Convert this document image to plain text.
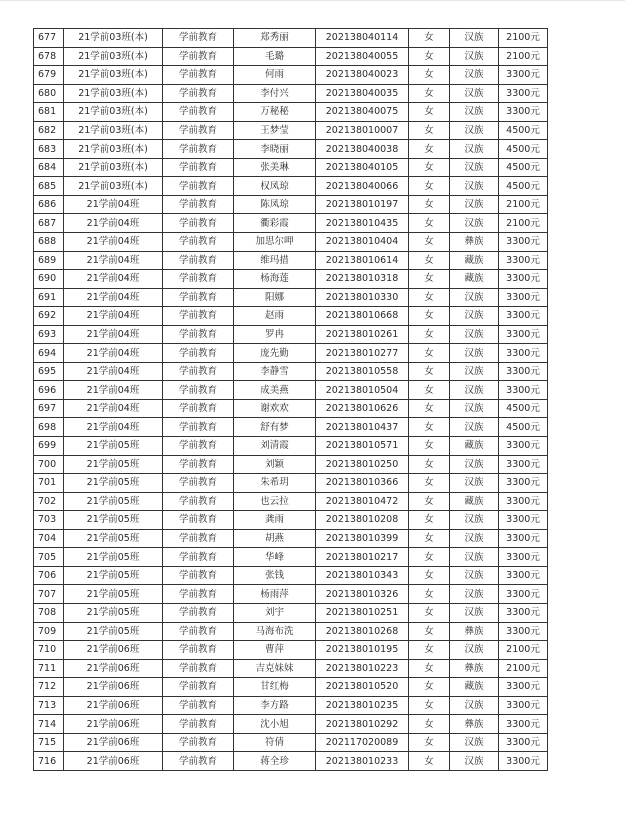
677	21学前03班(本)	学前教育	郑秀丽	202138040114	女	汉族	2100元
678	21学前03班(本)	学前教育	毛璐	202138040055	女	汉族	2100元
679	21学前03班(本)	学前教育	何雨	202138040023	女	汉族	3300元
680	21学前03班(本)	学前教育	李付兴	202138040035	女	汉族	3300元
681	21学前03班(本)	学前教育	万秘秘	202138040075	女	汉族	3300元
682	21学前03班(本)	学前教育	王梦莹	202138010007	女	汉族	4500元
683	21学前03班(本)	学前教育	李晓丽	202138040038	女	汉族	4500元
684	21学前03班(本)	学前教育	张美琳	202138040105	女	汉族	4500元
685	21学前03班(本)	学前教育	权凤琼	202138040066	女	汉族	4500元
686	21学前04班	学前教育	陈凤琼	202138010197	女	汉族	2100元
687	21学前04班	学前教育	衢彩霞	202138010435	女	汉族	2100元
688	21学前04班	学前教育	加思尔呷	202138010404	女	彝族	3300元
689	21学前04班	学前教育	维玛措	202138010614	女	藏族	3300元
690	21学前04班	学前教育	杨海莲	202138010318	女	藏族	3300元
691	21学前04班	学前教育	阳娜	202138010330	女	汉族	3300元
692	21学前04班	学前教育	赵雨	202138010668	女	汉族	3300元
693	21学前04班	学前教育	罗冉	202138010261	女	汉族	3300元
694	21学前04班	学前教育	庞先勤	202138010277	女	汉族	3300元
695	21学前04班	学前教育	李静雪	202138010558	女	汉族	3300元
696	21学前04班	学前教育	成美燕	202138010504	女	汉族	3300元
697	21学前04班	学前教育	谢欢欢	202138010626	女	汉族	4500元
698	21学前04班	学前教育	舒有梦	202138010437	女	汉族	4500元
699	21学前05班	学前教育	刘清霞	202138010571	女	藏族	3300元
700	21学前05班	学前教育	刘颖	202138010250	女	汉族	3300元
701	21学前05班	学前教育	朱希玥	202138010366	女	汉族	3300元
702	21学前05班	学前教育	也云拉	202138010472	女	藏族	3300元
703	21学前05班	学前教育	龚雨	202138010208	女	汉族	3300元
704	21学前05班	学前教育	胡燕	202138010399	女	汉族	3300元
705	21学前05班	学前教育	华峰	202138010217	女	汉族	3300元
706	21学前05班	学前教育	张钱	202138010343	女	汉族	3300元
707	21学前05班	学前教育	杨雨萍	202138010326	女	汉族	3300元
708	21学前05班	学前教育	刘宇	202138010251	女	汉族	3300元
709	21学前05班	学前教育	马海布洗	202138010268	女	彝族	3300元
710	21学前06班	学前教育	曹萍	202138010195	女	汉族	2100元
711	21学前06班	学前教育	吉克妹妹	202138010223	女	彝族	2100元
712	21学前06班	学前教育	甘红梅	202138010520	女	藏族	3300元
713	21学前06班	学前教育	李方路	202138010235	女	汉族	3300元
714	21学前06班	学前教育	沈小旭	202138010292	女	彝族	3300元
715	21学前06班	学前教育	符倩	202117020089	女	汉族	3300元
716	21学前06班	学前教育	蒋全珍	202138010233	女	汉族	3300元
